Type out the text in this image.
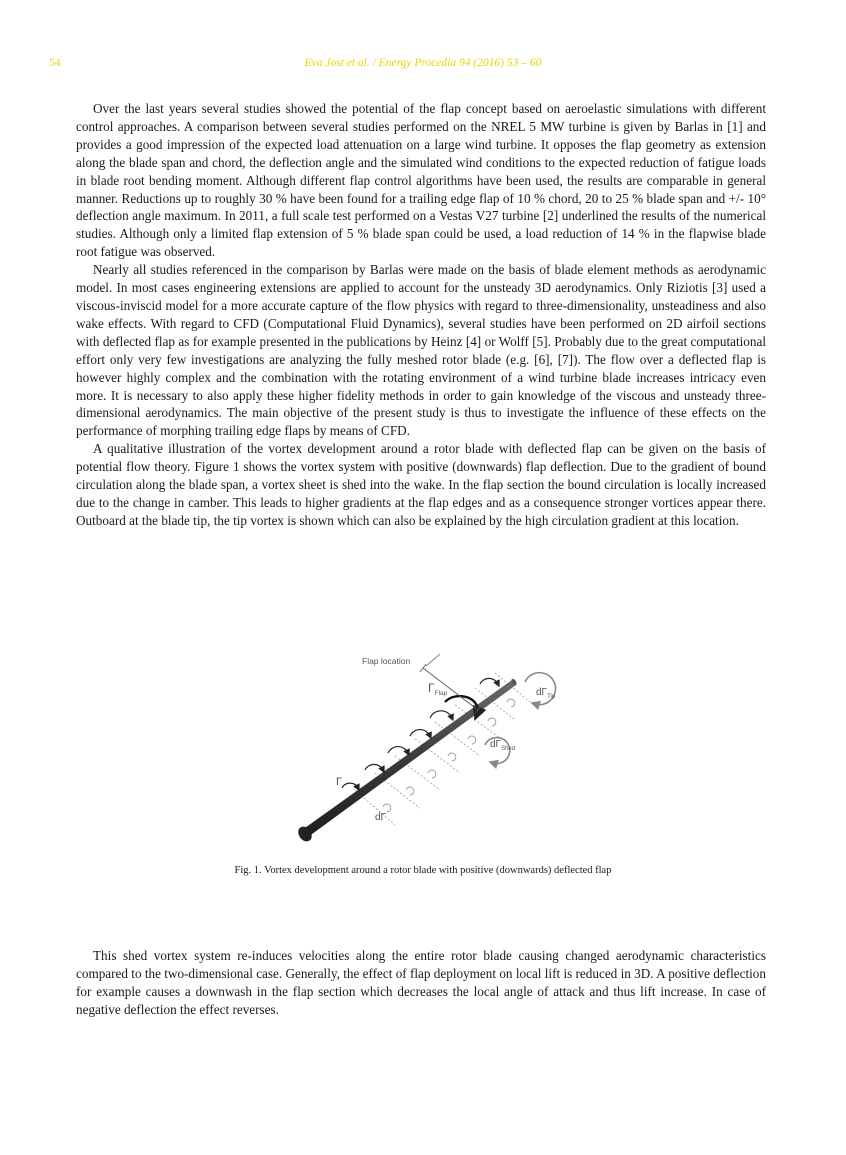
54	Eva Jost et al. / Energy Procedia 94 (2016) 53 – 60

Over the last years several studies showed the potential of the flap concept based on aeroelastic simulations with different control approaches. A comparison between several studies performed on the NREL 5 MW turbine is given by Barlas in [1] and provides a good impression of the expected load attenuation on a large wind turbine. It opposes the flap geometry as extension along the blade span and chord, the deflection angle and the simulated wind conditions to the expected reduction of fatigue loads in blade root bending moment. Although different flap control algorithms have been used, the results are comparable in general manner. Reductions up to roughly 30 % have been found for a trailing edge flap of 10 % chord, 20 to 25 % blade span and +/- 10° deflection angle maximum. In 2011, a full scale test performed on a Vestas V27 turbine [2] underlined the results of the numerical studies. Although only a limited flap extension of 5 % blade span could be used, a load reduction of 14 % in the flapwise blade root fatigue was observed.

Nearly all studies referenced in the comparison by Barlas were made on the basis of blade element methods as aerodynamic model. In most cases engineering extensions are applied to account for the unsteady 3D aerodynamics. Only Riziotis [3] used a viscous-inviscid model for a more accurate capture of the flow physics with regard to three-dimensionality, unsteadiness and also wake effects. With regard to CFD (Computational Fluid Dynamics), several studies have been performed on 2D airfoil sections with deflected flap as for example presented in the publications by Heinz [4] or Wolff [5]. Probably due to the great computational effort only very few investigations are analyzing the fully meshed rotor blade (e.g. [6], [7]). The flow over a deflected flap is however highly complex and the combination with the rotating environment of a wind turbine blade increases intricacy even more. It is necessary to also apply these higher fidelity methods in order to gain knowledge of the viscous and unsteady three-dimensional aerodynamics. The main objective of the present study is thus to investigate the influence of these effects on the performance of morphing trailing edge flaps by means of CFD.

A qualitative illustration of the vortex development around a rotor blade with deflected flap can be given on the basis of potential flow theory. Figure 1 shows the vortex system with positive (downwards) flap deflection. Due to the gradient of bound circulation along the blade span, a vortex sheet is shed into the wake. In the flap section the bound circulation is locally increased due to the change in camber. This leads to higher gradients at the flap edges and as a consequence stronger vortices appear there. Outboard at the blade tip, the tip vortex is shown which can also be explained by the high circulation gradient at this location.

Flap location
$\Gamma_{Flap}$	$d\Gamma_{Tip}$
$d\Gamma_{Shed}$
Γ
dΓ
Fig. 1. Vortex development around a rotor blade with positive (downwards) deflected flap

This shed vortex system re-induces velocities along the entire rotor blade causing changed aerodynamic characteristics compared to the two-dimensional case. Generally, the effect of flap deployment on local lift is reduced in 3D. A positive deflection for example causes a downwash in the flap section which decreases the local angle of attack and thus lift increase. In case of negative deflection the effect reverses.
